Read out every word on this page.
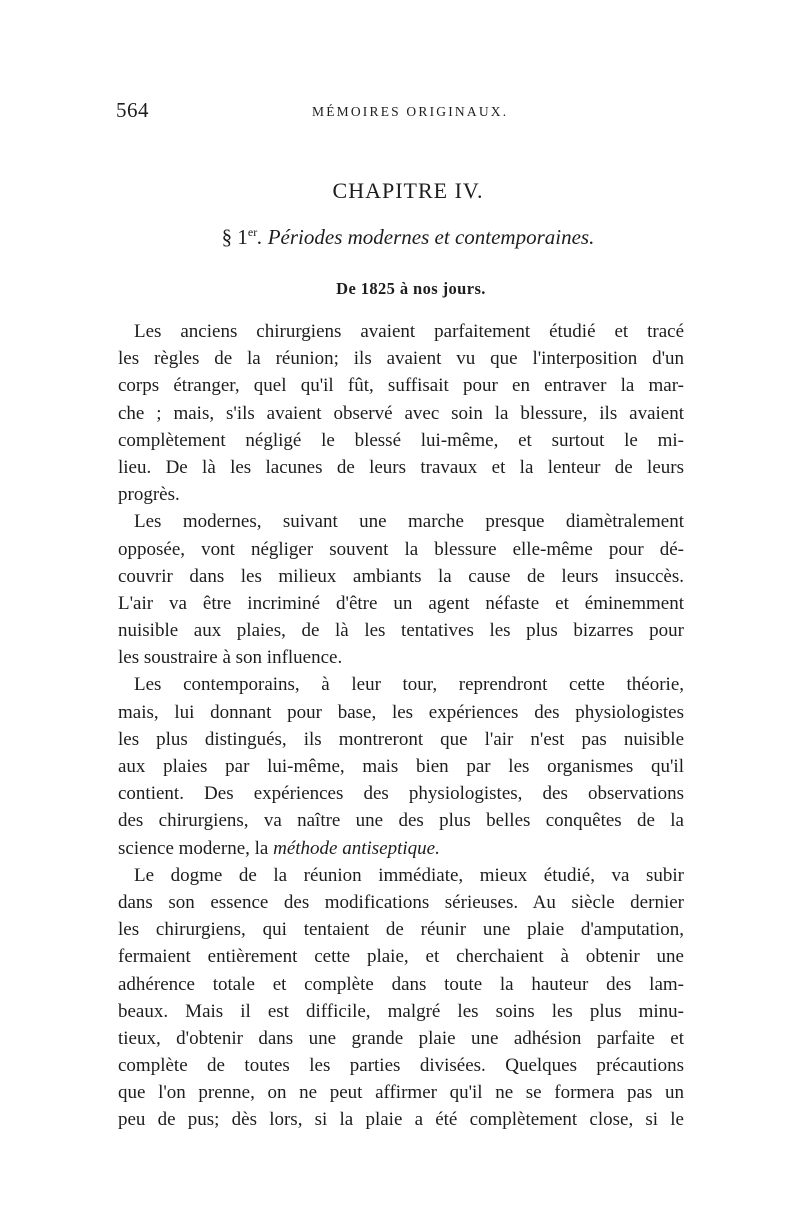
564	MÉMOIRES ORIGINAUX.
CHAPITRE IV.
§ 1er. Périodes modernes et contemporaines.
De 1825 à nos jours.
Les anciens chirurgiens avaient parfaitement étudié et tracé
les règles de la réunion; ils avaient vu que l'interposition d'un
corps étranger, quel qu'il fût, suffisait pour en entraver la mar-
che ; mais, s'ils avaient observé avec soin la blessure, ils avaient
complètement négligé le blessé lui-même, et surtout le mi-
lieu. De là les lacunes de leurs travaux et la lenteur de leurs
progrès.
Les modernes, suivant une marche presque diamètralement
opposée, vont négliger souvent la blessure elle-même pour dé-
couvrir dans les milieux ambiants la cause de leurs insuccès.
L'air va être incriminé d'être un agent néfaste et éminemment
nuisible aux plaies, de là les tentatives les plus bizarres pour
les soustraire à son influence.
Les contemporains, à leur tour, reprendront cette théorie,
mais, lui donnant pour base, les expériences des physiologistes
les plus distingués, ils montreront que l'air n'est pas nuisible
aux plaies par lui-même, mais bien par les organismes qu'il
contient. Des expériences des physiologistes, des observations
des chirurgiens, va naître une des plus belles conquêtes de la
science moderne, la méthode antiseptique.
Le dogme de la réunion immédiate, mieux étudié, va subir
dans son essence des modifications sérieuses. Au siècle dernier
les chirurgiens, qui tentaient de réunir une plaie d'amputation,
fermaient entièrement cette plaie, et cherchaient à obtenir une
adhérence totale et complète dans toute la hauteur des lam-
beaux. Mais il est difficile, malgré les soins les plus minu-
tieux, d'obtenir dans une grande plaie une adhésion parfaite et
complète de toutes les parties divisées. Quelques précautions
que l'on prenne, on ne peut affirmer qu'il ne se formera pas un
peu de pus; dès lors, si la plaie a été complètement close, si le
